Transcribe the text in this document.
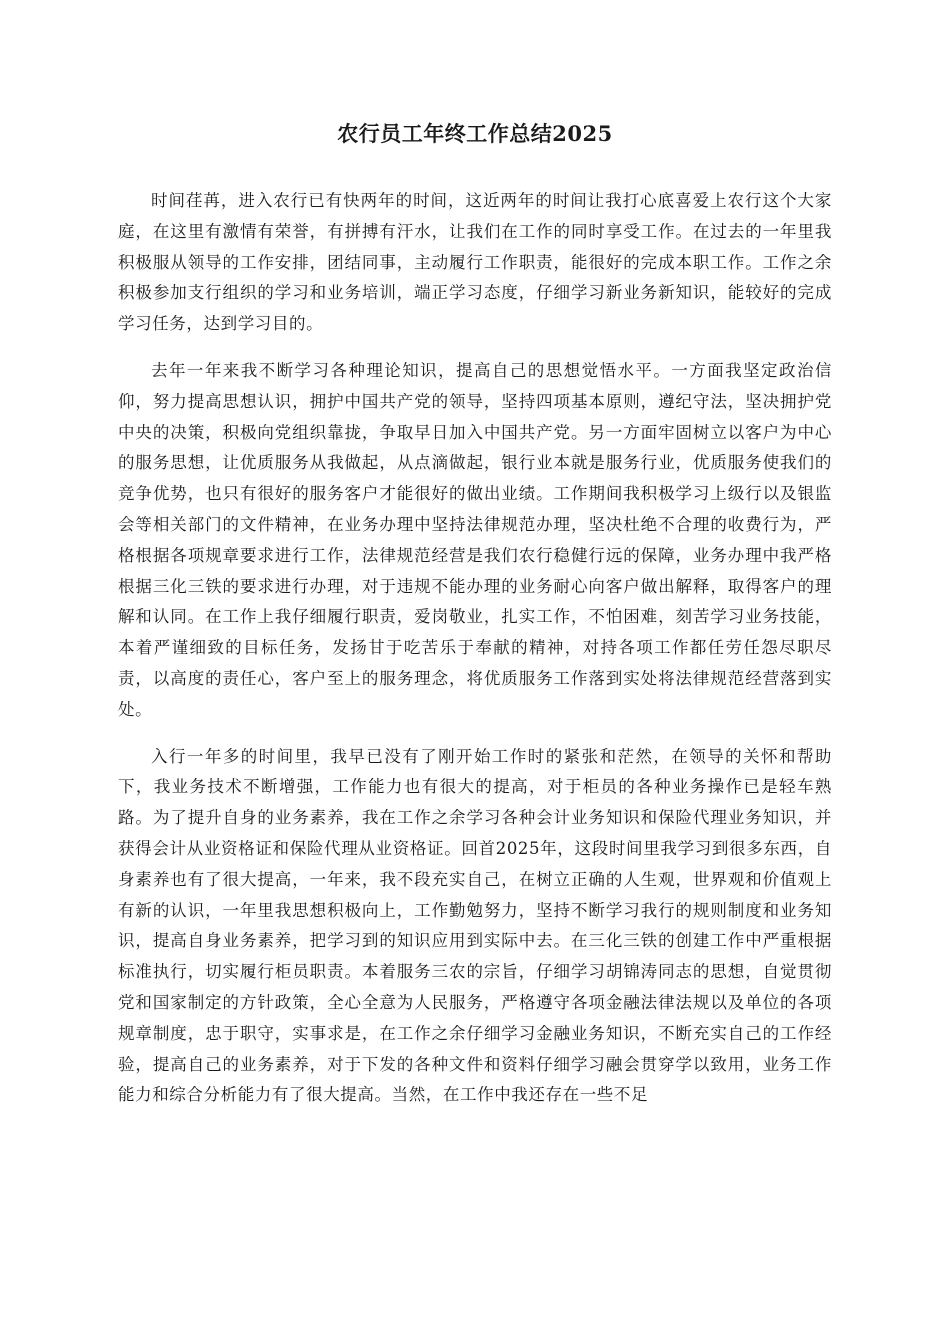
农行员工年终工作总结2025

时间荏苒，进入农行已有快两年的时间，这近两年的时间让我打心底喜爱上农行这个大家庭，在这里有激情有荣誉，有拼搏有汗水，让我们在工作的同时享受工作。在过去的一年里我积极服从领导的工作安排，团结同事，主动履行工作职责，能很好的完成本职工作。工作之余积极参加支行组织的学习和业务培训，端正学习态度，仔细学习新业务新知识，能较好的完成学习任务，达到学习目的。

去年一年来我不断学习各种理论知识，提高自己的思想觉悟水平。一方面我坚定政治信仰，努力提高思想认识，拥护中国共产党的领导，坚持四项基本原则，遵纪守法，坚决拥护党中央的决策，积极向党组织靠拢，争取早日加入中国共产党。另一方面牢固树立以客户为中心的服务思想，让优质服务从我做起，从点滴做起，银行业本就是服务行业，优质服务使我们的竞争优势，也只有很好的服务客户才能很好的做出业绩。工作期间我积极学习上级行以及银监会等相关部门的文件精神，在业务办理中坚持法律规范办理，坚决杜绝不合理的收费行为，严格根据各项规章要求进行工作，法律规范经营是我们农行稳健行远的保障，业务办理中我严格根据三化三铁的要求进行办理，对于违规不能办理的业务耐心向客户做出解释，取得客户的理解和认同。在工作上我仔细履行职责，爱岗敬业，扎实工作，不怕困难，刻苦学习业务技能，本着严谨细致的目标任务，发扬甘于吃苦乐于奉献的精神，对持各项工作都任劳任怨尽职尽责，以高度的责任心，客户至上的服务理念，将优质服务工作落到实处将法律规范经营落到实处。

入行一年多的时间里，我早已没有了刚开始工作时的紧张和茫然，在领导的关怀和帮助下，我业务技术不断增强，工作能力也有很大的提高，对于柜员的各种业务操作已是轻车熟路。为了提升自身的业务素养，我在工作之余学习各种会计业务知识和保险代理业务知识，并获得会计从业资格证和保险代理从业资格证。回首2025年，这段时间里我学习到很多东西，自身素养也有了很大提高，一年来，我不段充实自己，在树立正确的人生观，世界观和价值观上有新的认识，一年里我思想积极向上，工作勤勉努力，坚持不断学习我行的规则制度和业务知识，提高自身业务素养，把学习到的知识应用到实际中去。在三化三铁的创建工作中严重根据标准执行，切实履行柜员职责。本着服务三农的宗旨，仔细学习胡锦涛同志的思想，自觉贯彻党和国家制定的方针政策，全心全意为人民服务，严格遵守各项金融法律法规以及单位的各项规章制度，忠于职守，实事求是，在工作之余仔细学习金融业务知识，不断充实自己的工作经验，提高自己的业务素养，对于下发的各种文件和资料仔细学习融会贯穿学以致用，业务工作能力和综合分析能力有了很大提高。当然，在工作中我还存在一些不足
